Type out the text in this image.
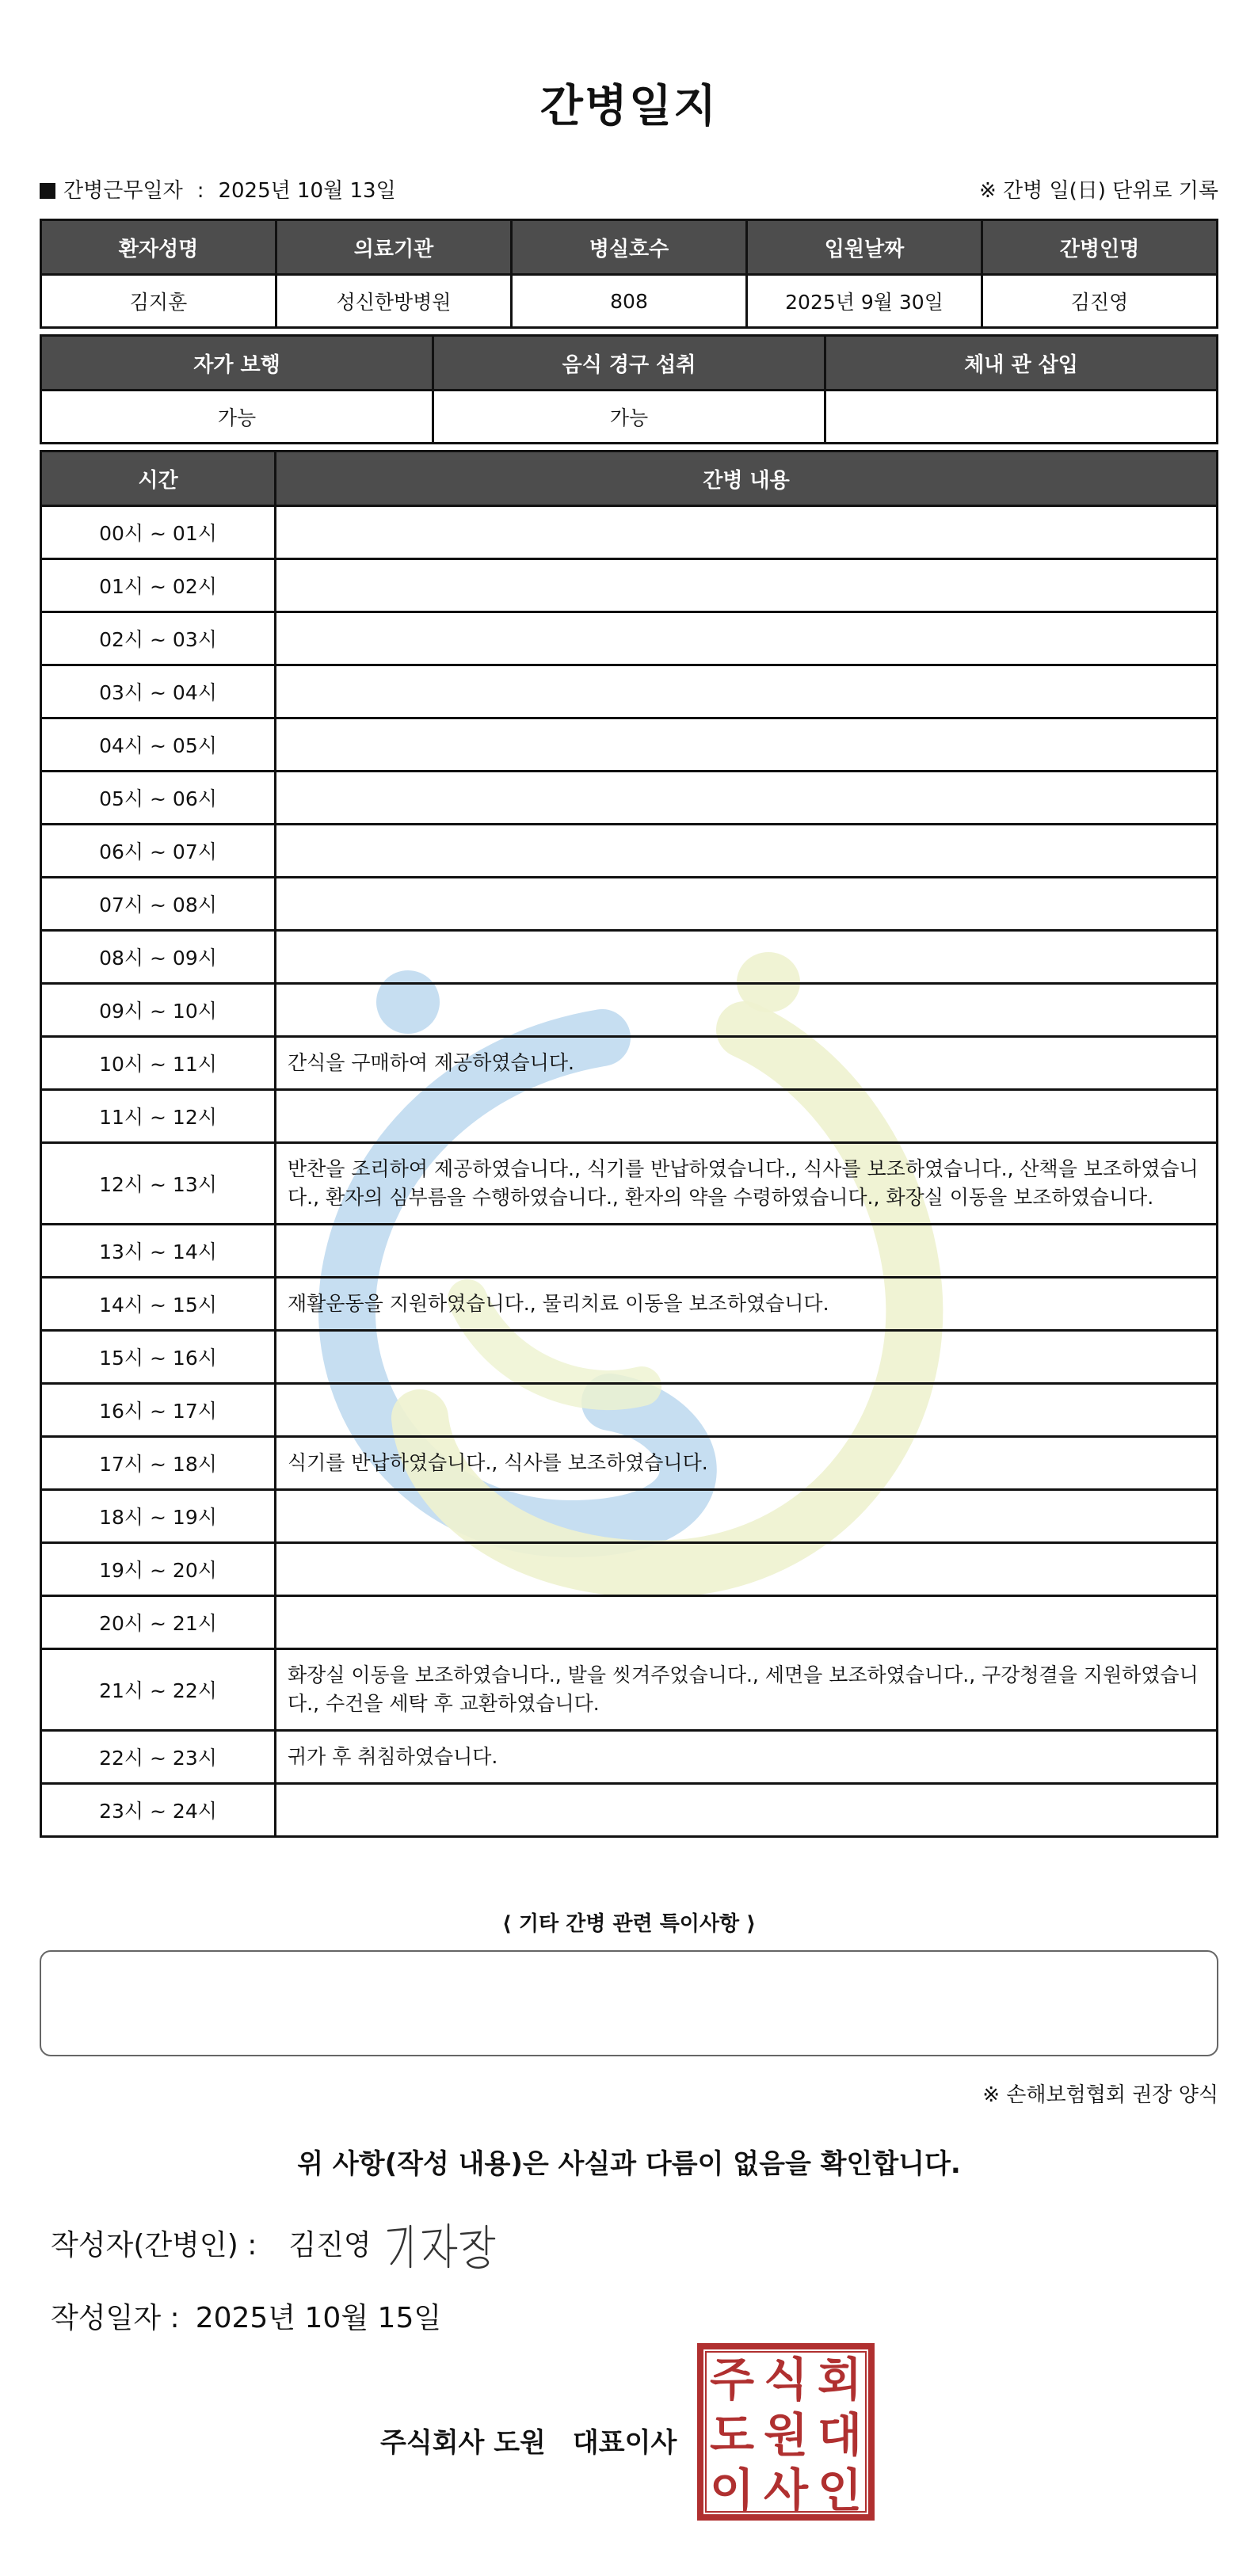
간병일지
간병근무일자 : 2025년 10월 13일	※ 간병 일(日) 단위로 기록
환자성명	의료기관	병실호수	입원날짜	간병인명
김지훈	성신한방병원	808	2025년 9월 30일	김진영
자가 보행	음식 경구 섭취	체내 관 삽입
가능	가능	
시간	간병 내용
00시 ~ 01시	
01시 ~ 02시	
02시 ~ 03시	
03시 ~ 04시	
04시 ~ 05시	
05시 ~ 06시	
06시 ~ 07시	
07시 ~ 08시	
08시 ~ 09시	
09시 ~ 10시	
10시 ~ 11시	간식을 구매하여 제공하였습니다.
11시 ~ 12시	
12시 ~ 13시	반찬을 조리하여 제공하였습니다., 식기를 반납하였습니다., 식사를 보조하였습니다., 산책을 보조하였습니다., 환자의 심부름을 수행하였습니다., 환자의 약을 수령하였습니다., 화장실 이동을 보조하였습니다.
13시 ~ 14시	
14시 ~ 15시	재활운동을 지원하였습니다., 물리치료 이동을 보조하였습니다.
15시 ~ 16시	
16시 ~ 17시	
17시 ~ 18시	식기를 반납하였습니다., 식사를 보조하였습니다.
18시 ~ 19시	
19시 ~ 20시	
20시 ~ 21시	
21시 ~ 22시	화장실 이동을 보조하였습니다., 발을 씻겨주었습니다., 세면을 보조하였습니다., 구강청결을 지원하였습니다., 수건을 세탁 후 교환하였습니다.
22시 ~ 23시	귀가 후 취침하였습니다.
23시 ~ 24시	
⟨ 기타 간병 관련 특이사항 ⟩
※ 손해보험협회 권장 양식
위 사항(작성 내용)은 사실과 다름이 없음을 확인합니다.
작성자(간병인) : 김진영
작성일자 : 2025년 10월 15일
주식회사 도원 대표이사
주 식 회
도 원 대
이 사 인
